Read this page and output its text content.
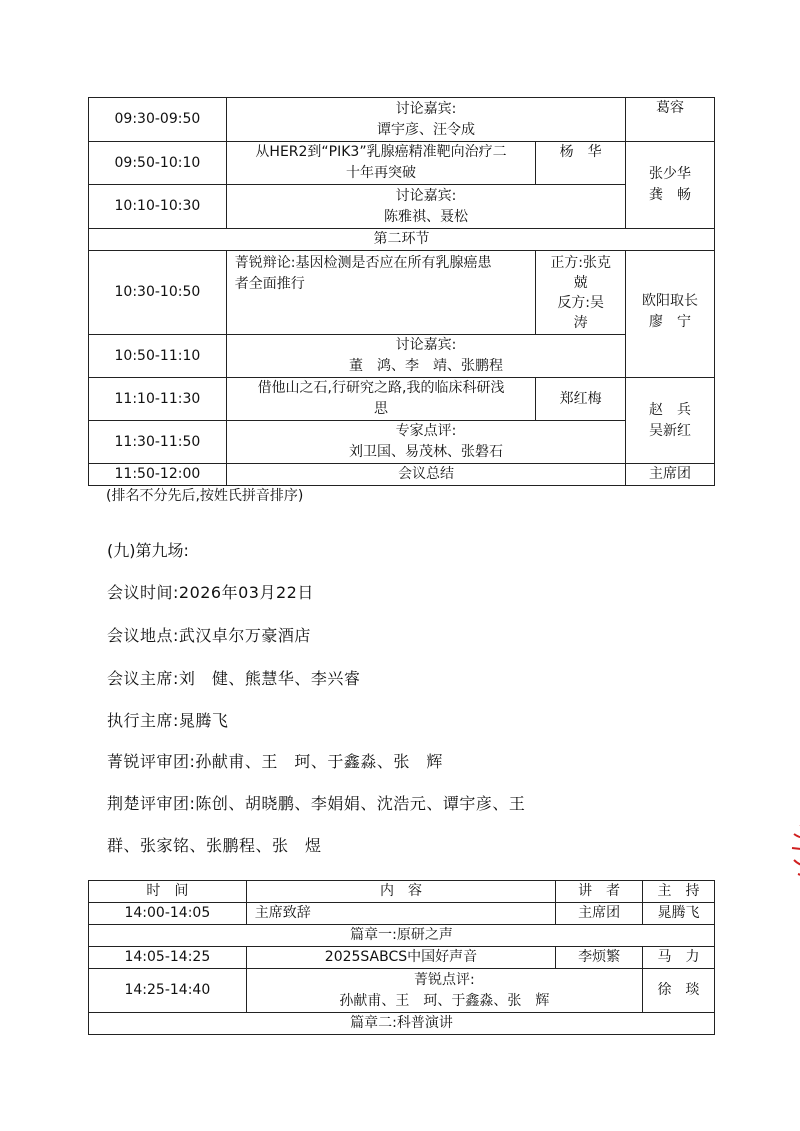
09:30-09:50	讨论嘉宾:
谭宇彦、汪令成		葛容
09:50-10:10	从HER2到“PIK3”乳腺癌精准靶向治疗二
十年再突破	杨　华	张少华
龚　畅

10:10-10:30	讨论嘉宾:
陈雅祺、聂松		

第二环节			
10:30-10:50	菁锐辩论:基因检测是否应在所有乳腺癌患
者全面推行	正方:张克
兢
反方:吴
涛	欧阳取长
廖　宁

10:50-11:10	讨论嘉宾:
董　鸿、李　靖、张鹏程		

11:10-11:30	借他山之石,行研究之路,我的临床科研浅
思	郑红梅	赵　兵
吴新红

11:30-11:50	专家点评:
刘卫国、易茂林、张磐石		

11:50-12:00	会议总结		主席团
(排名不分先后,按姓氏拼音排序)
(九)第九场:
会议时间:2026年03月22日
会议地点:武汉卓尔万豪酒店
会议主席:刘　健、熊慧华、李兴睿
执行主席:晁腾飞
菁锐评审团:孙献甫、王　珂、于鑫淼、张　辉
荆楚评审团:陈创、胡晓鹏、李娟娟、沈浩元、谭宇彦、王
群、张家铭、张鹏程、张　煜
时　间	内　容	讲　者	主　持
14:00-14:05	主席致辞	主席团	晁腾飞
篇章一:原研之声			
14:05-14:25	2025SABCS中国好声音	李烦繁	马　力
14:25-14:40	菁锐点评:
孙献甫、王　珂、于鑫淼、张　辉		徐　琰
篇章二:科普演讲			
